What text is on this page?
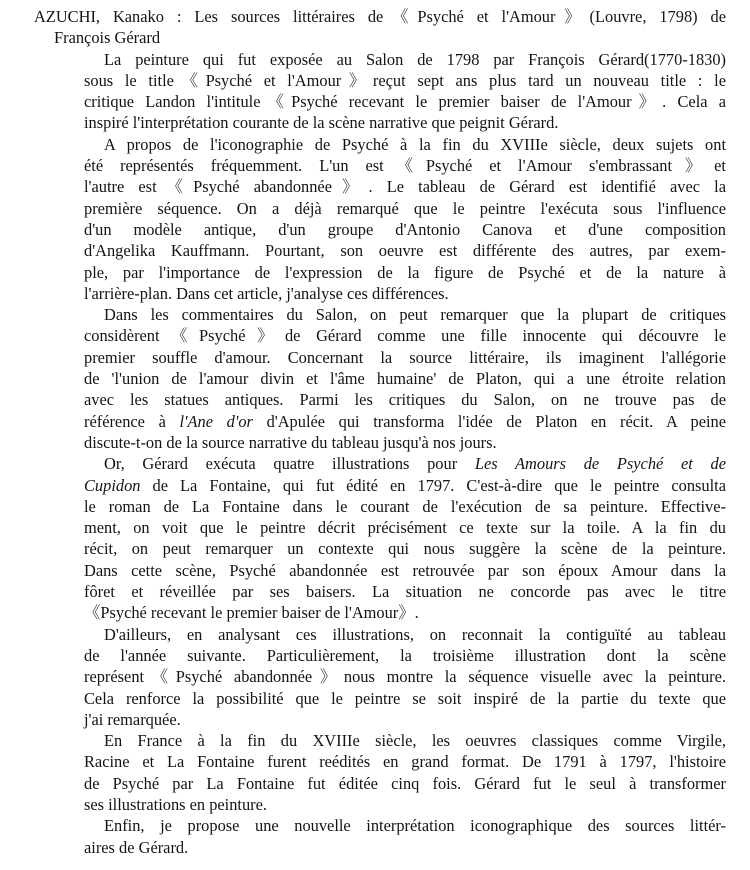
AZUCHI, Kanako : Les sources littéraires de《Psyché et l'Amour》(Louvre, 1798) de
François Gérard
La peinture qui fut exposée au Salon de 1798 par François Gérard(1770-1830)
sous le title《Psyché et l'Amour》reçut sept ans plus tard un nouveau title : le
critique Landon l'intitule《Psyché recevant le premier baiser de l'Amour》. Cela a
inspiré l'interprétation courante de la scène narrative que peignit Gérard.
A propos de l'iconographie de Psyché à la fin du XVIIIe siècle, deux sujets ont
été représentés fréquemment. L'un est《Psyché et l'Amour s'embrassant》et
l'autre est《Psyché abandonnée》. Le tableau de Gérard est identifié avec la
première séquence. On a déjà remarqué que le peintre l'exécuta sous l'influence
d'un modèle antique, d'un groupe d'Antonio Canova et d'une composition
d'Angelika Kauffmann. Pourtant, son oeuvre est différente des autres, par exem-
ple, par l'importance de l'expression de la figure de Psyché et de la nature à
l'arrière-plan. Dans cet article, j'analyse ces différences.
Dans les commentaires du Salon, on peut remarquer que la plupart de critiques
considèrent《Psyché》de Gérard comme une fille innocente qui découvre le
premier souffle d'amour. Concernant la source littéraire, ils imaginent l'allégorie
de 'l'union de l'amour divin et l'âme humaine' de Platon, qui a une étroite relation
avec les statues antiques. Parmi les critiques du Salon, on ne trouve pas de
référence à l'Ane d'or d'Apulée qui transforma l'idée de Platon en récit. A peine
discute-t-on de la source narrative du tableau jusqu'à nos jours.
Or, Gérard exécuta quatre illustrations pour Les Amours de Psyché et de
Cupidon de La Fontaine, qui fut édité en 1797. C'est-à-dire que le peintre consulta
le roman de La Fontaine dans le courant de l'exécution de sa peinture. Effective-
ment, on voit que le peintre décrit précisément ce texte sur la toile. A la fin du
récit, on peut remarquer un contexte qui nous suggère la scène de la peinture.
Dans cette scène, Psyché abandonnée est retrouvée par son époux Amour dans la
fôret et réveillée par ses baisers. La situation ne concorde pas avec le titre
《Psyché recevant le premier baiser de l'Amour》.
D'ailleurs, en analysant ces illustrations, on reconnait la contiguïté au tableau
de l'année suivante. Particulièrement, la troisième illustration dont la scène
représent《Psyché abandonnée》nous montre la séquence visuelle avec la peinture.
Cela renforce la possibilité que le peintre se soit inspiré de la partie du texte que
j'ai remarquée.
En France à la fin du XVIIIe siècle, les oeuvres classiques comme Virgile,
Racine et La Fontaine furent reédités en grand format. De 1791 à 1797, l'histoire
de Psyché par La Fontaine fut éditée cinq fois. Gérard fut le seul à transformer
ses illustrations en peinture.
Enfin, je propose une nouvelle interprétation iconographique des sources littér-
aires de Gérard.
